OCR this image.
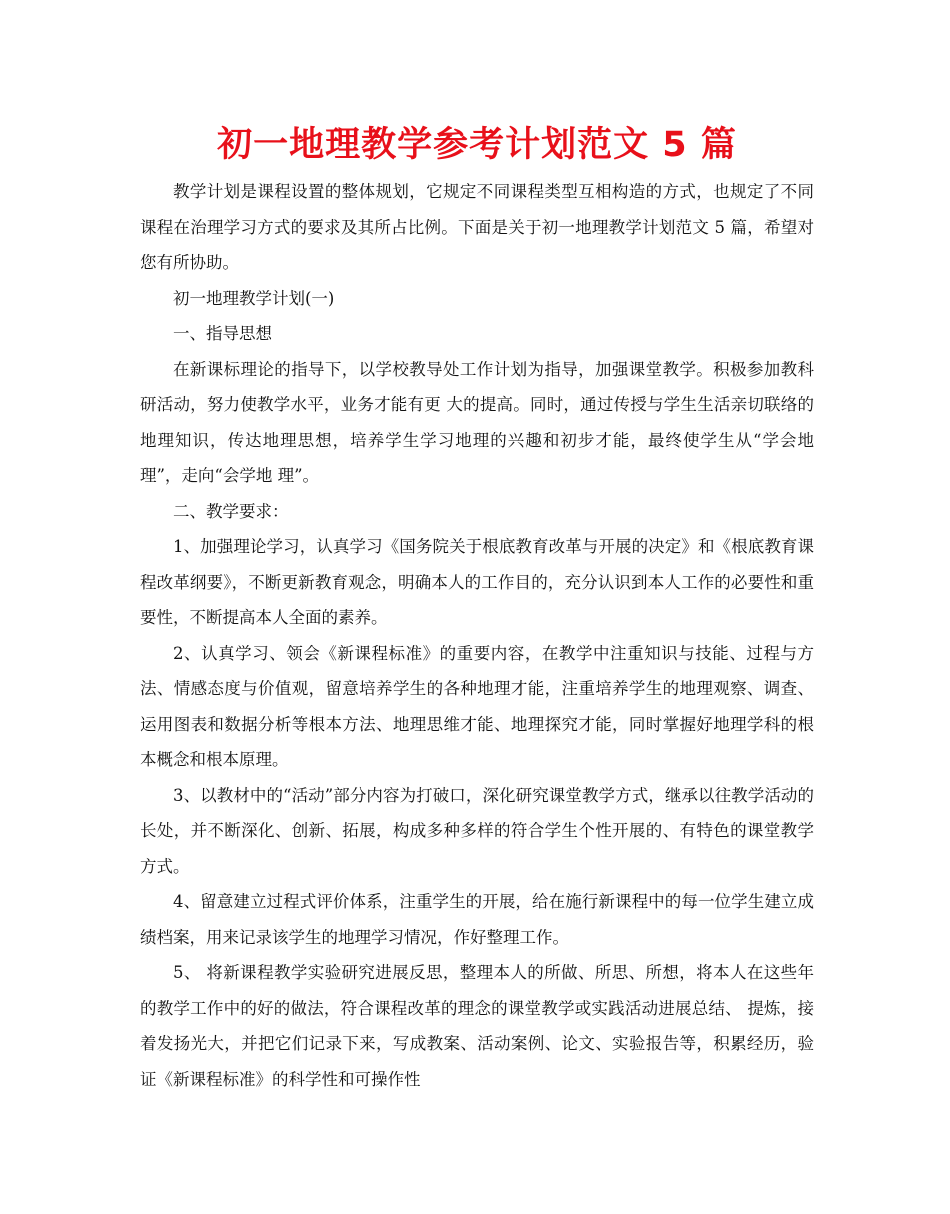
初一地理教学参考计划范文 5 篇

教学计划是课程设置的整体规划，它规定不同课程类型互相构造的方式，也规定了不同课程在治理学习方式的要求及其所占比例。下面是关于初一地理教学计划范文 5 篇，希望对您有所协助。

初一地理教学计划(一)

一、指导思想

在新课标理论的指导下，以学校教导处工作计划为指导，加强课堂教学。积极参加教科研活动，努力使教学水平，业务才能有更 大的提高。同时，通过传授与学生生活亲切联络的地理知识，传达地理思想，培养学生学习地理的兴趣和初步才能，最终使学生从“学会地理”，走向“会学地 理”。

二、教学要求：

1、加强理论学习，认真学习《国务院关于根底教育改革与开展的决定》和《根底教育课程改革纲要》，不断更新教育观念，明确本人的工作目的，充分认识到本人工作的必要性和重要性，不断提高本人全面的素养。

2、认真学习、领会《新课程标准》的重要内容，在教学中注重知识与技能、过程与方法、情感态度与价值观，留意培养学生的各种地理才能，注重培养学生的地理观察、调查、运用图表和数据分析等根本方法、地理思维才能、地理探究才能，同时掌握好地理学科的根本概念和根本原理。

3、以教材中的“活动”部分内容为打破口，深化研究课堂教学方式，继承以往教学活动的长处，并不断深化、创新、拓展，构成多种多样的符合学生个性开展的、有特色的课堂教学方式。

4、留意建立过程式评价体系，注重学生的开展，给在施行新课程中的每一位学生建立成绩档案，用来记录该学生的地理学习情况，作好整理工作。

5、 将新课程教学实验研究进展反思，整理本人的所做、所思、所想，将本人在这些年的教学工作中的好的做法，符合课程改革的理念的课堂教学或实践活动进展总结、 提炼，接着发扬光大，并把它们记录下来，写成教案、活动案例、论文、实验报告等，积累经历，验证《新课程标准》的科学性和可操作性
